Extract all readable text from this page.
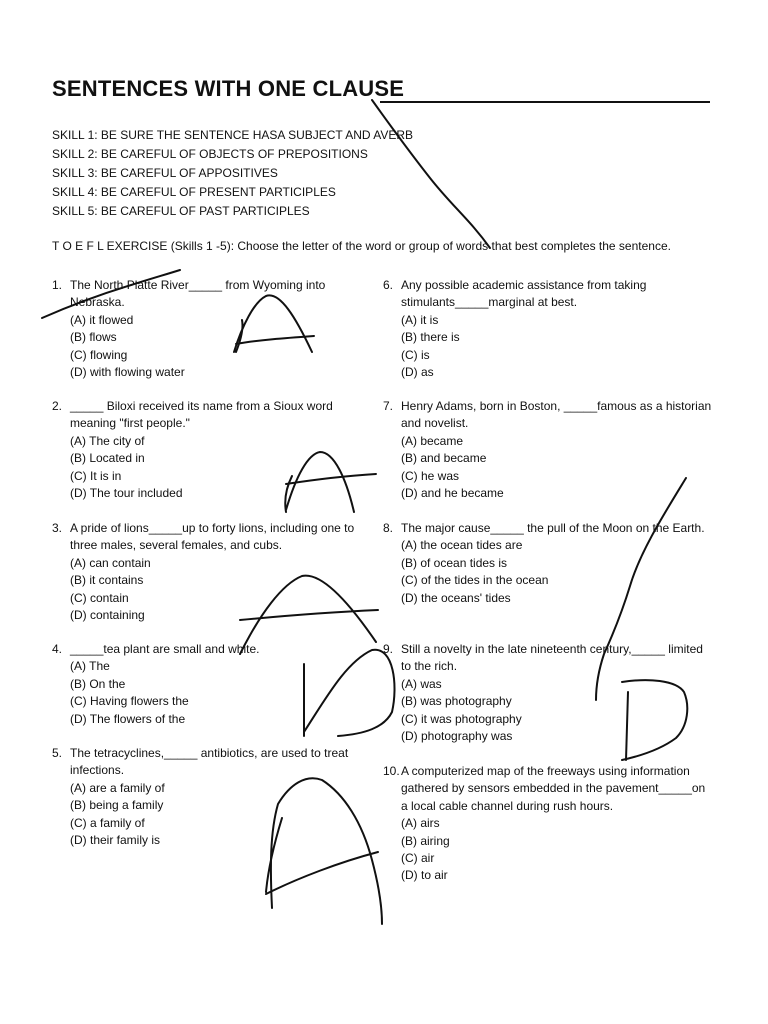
SENTENCES WITH ONE CLAUSE
SKILL 1: BE SURE THE SENTENCE HASA SUBJECT AND AVERB
SKILL 2: BE CAREFUL OF OBJECTS OF PREPOSITIONS
SKILL 3: BE CAREFUL OF APPOSITIVES
SKILL 4: BE CAREFUL OF PRESENT PARTICIPLES
SKILL 5: BE CAREFUL OF PAST PARTICIPLES
T O E F L EXERCISE (Skills 1 -5): Choose the letter of the word or group of words that best completes the sentence.
1. The North Platte River_____ from Wyoming into Nebraska.
(A) it flowed
(B) flows
(C) flowing
(D) with flowing water
2. _____ Biloxi received its name from a Sioux word meaning "first people."
(A) The city of
(B) Located in
(C) It is in
(D) The tour included
3. A pride of lions_____up to forty lions, including one to three males, several females, and cubs.
(A) can contain
(B) it contains
(C) contain
(D) containing
4. _____tea plant are small and white.
(A) The
(B) On the
(C) Having flowers the
(D) The flowers of the
5. The tetracyclines,_____ antibiotics, are used to treat infections.
(A) are a family of
(B) being a family
(C) a family of
(D) their family is
6. Any possible academic assistance from taking stimulants_____marginal at best.
(A) it is
(B) there is
(C) is
(D) as
7. Henry Adams, born in Boston, _____famous as a historian and novelist.
(A) became
(B) and became
(C) he was
(D) and he became
8. The major cause_____ the pull of the Moon on the Earth.
(A) the ocean tides are
(B) of ocean tides is
(C) of the tides in the ocean
(D) the oceans' tides
9. Still a novelty in the late nineteenth century,_____ limited to the rich.
(A) was
(B) was photography
(C) it was photography
(D) photography was
10. A computerized map of the freeways using information gathered by sensors embedded in the pavement_____on a local cable channel during rush hours.
(A) airs
(B) airing
(C) air
(D) to air
